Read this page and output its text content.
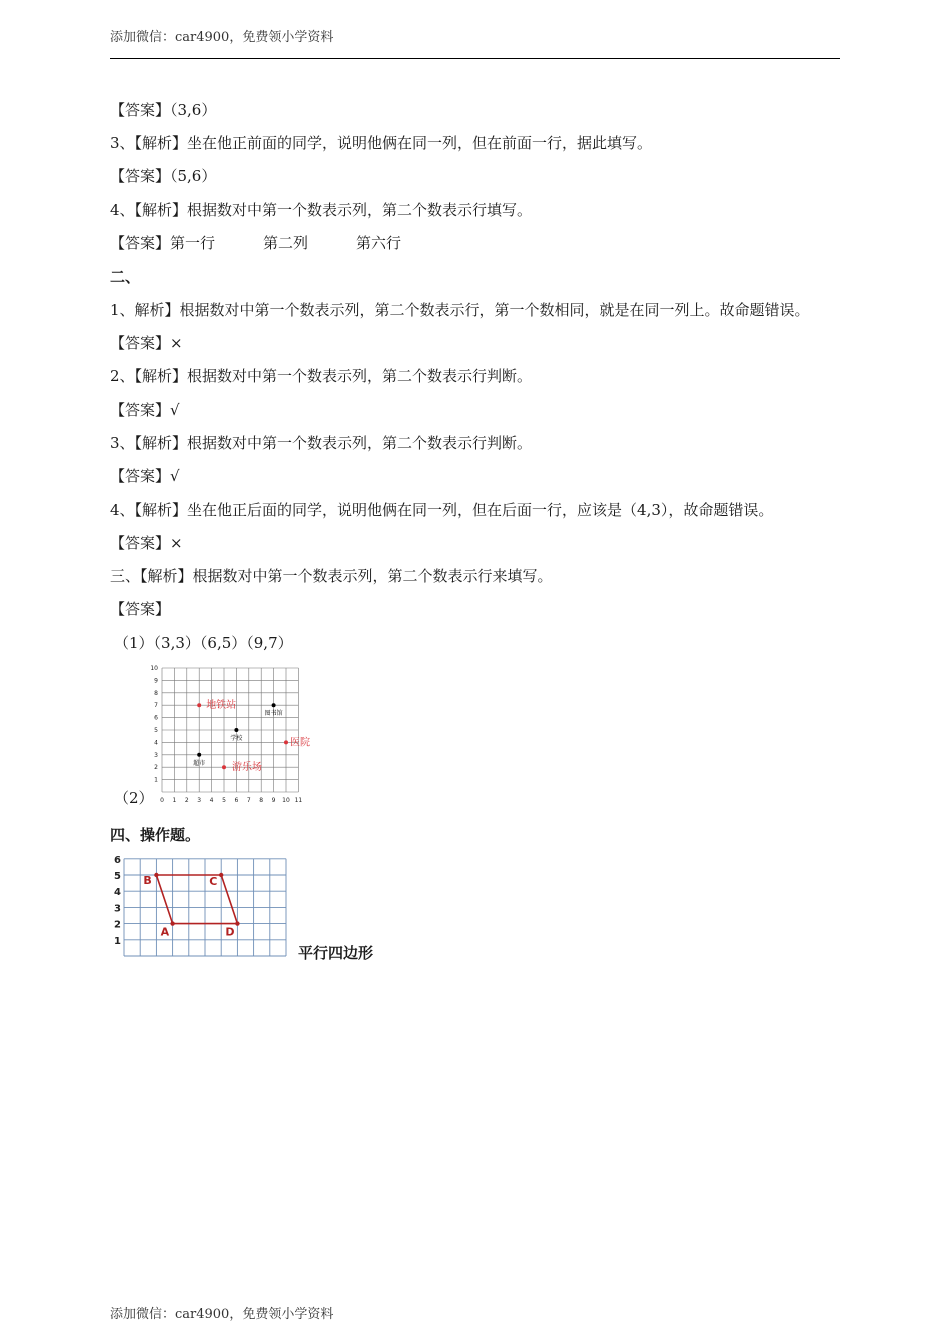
添加微信：car4900，免费领小学资料
【答案】（3,6）
3、【解析】坐在他正前面的同学，说明他俩在同一列，但在前面一行，据此填写。
【答案】（5,6）
4、【解析】根据数对中第一个数表示列，第二个数表示行填写。
【答案】第一行	第二列	第六行
二、
1、解析】根据数对中第一个数表示列，第二个数表示行，第一个数相同，就是在同一列上。故命题错误。
【答案】×
2、【解析】根据数对中第一个数表示列，第二个数表示行判断。
【答案】√
3、【解析】根据数对中第一个数表示列，第二个数表示行判断。
【答案】√
4、【解析】坐在他正后面的同学，说明他俩在同一列，但在后面一行，应该是（4,3），故命题错误。
【答案】×
三、【解析】根据数对中第一个数表示列，第二个数表示行来填写。
【答案】
（1）（3,3）（6,5）（9,7）
（2）
四、操作题。
0 1 2 3 4 5 6 7 8 9 10 11
1
2
3
4
5
6
7
8
9
10
地铁站
图书馆
学校	医院
超市	游乐场
1
2
3
4
5
6
A
B	C
D
平行四边形
添加微信：car4900，免费领小学资料
